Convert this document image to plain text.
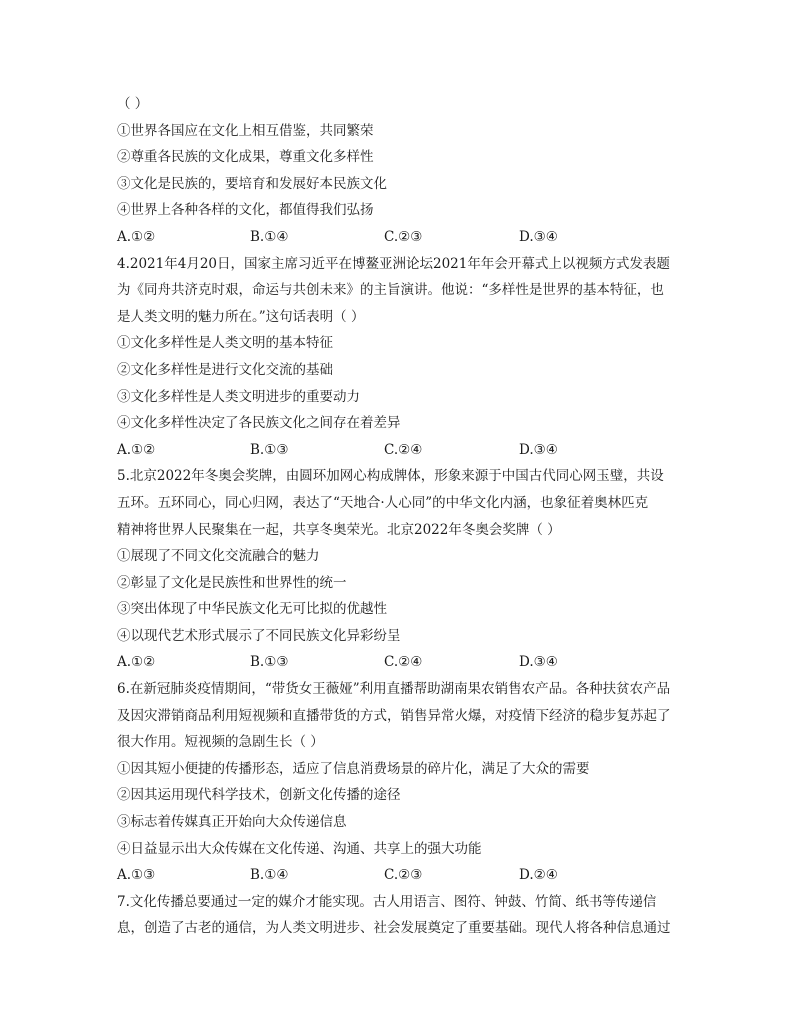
（ ）
①世界各国应在文化上相互借鉴，共同繁荣
②尊重各民族的文化成果，尊重文化多样性
③文化是民族的，要培育和发展好本民族文化
④世界上各种各样的文化，都值得我们弘扬
A.①②	B.①④	C.②③	D.③④
4.2021年4月20日，国家主席习近平在博鳌亚洲论坛2021年年会开幕式上以视频方式发表题
为《同舟共济克时艰，命运与共创未来》的主旨演讲。他说：“多样性是世界的基本特征，也
是人类文明的魅力所在。”这句话表明（ ）
①文化多样性是人类文明的基本特征
②文化多样性是进行文化交流的基础
③文化多样性是人类文明进步的重要动力
④文化多样性决定了各民族文化之间存在着差异
A.①②	B.①③	C.②④	D.③④
5.北京2022年冬奥会奖牌，由圆环加网心构成牌体，形象来源于中国古代同心网玉璧，共设
五环。五环同心，同心归网，表达了“天地合·人心同”的中华文化内涵，也象征着奥林匹克
精神将世界人民聚集在一起，共享冬奥荣光。北京2022年冬奥会奖牌（ ）
①展现了不同文化交流融合的魅力
②彰显了文化是民族性和世界性的统一
③突出体现了中华民族文化无可比拟的优越性
④以现代艺术形式展示了不同民族文化异彩纷呈
A.①②	B.①③	C.②④	D.③④
6.在新冠肺炎疫情期间，“带货女王薇娅”利用直播帮助湖南果农销售农产品。各种扶贫农产品
及因灾滞销商品利用短视频和直播带货的方式，销售异常火爆，对疫情下经济的稳步复苏起了
很大作用。短视频的急剧生长（ ）
①因其短小便捷的传播形态，适应了信息消费场景的碎片化，满足了大众的需要
②因其运用现代科学技术，创新文化传播的途径
③标志着传媒真正开始向大众传递信息
④日益显示出大众传媒在文化传递、沟通、共享上的强大功能
A.①③	B.①④	C.②③	D.②④
7.文化传播总要通过一定的媒介才能实现。古人用语言、图符、钟鼓、竹简、纸书等传递信
息，创造了古老的通信，为人类文明进步、社会发展奠定了重要基础。现代人将各种信息通过
